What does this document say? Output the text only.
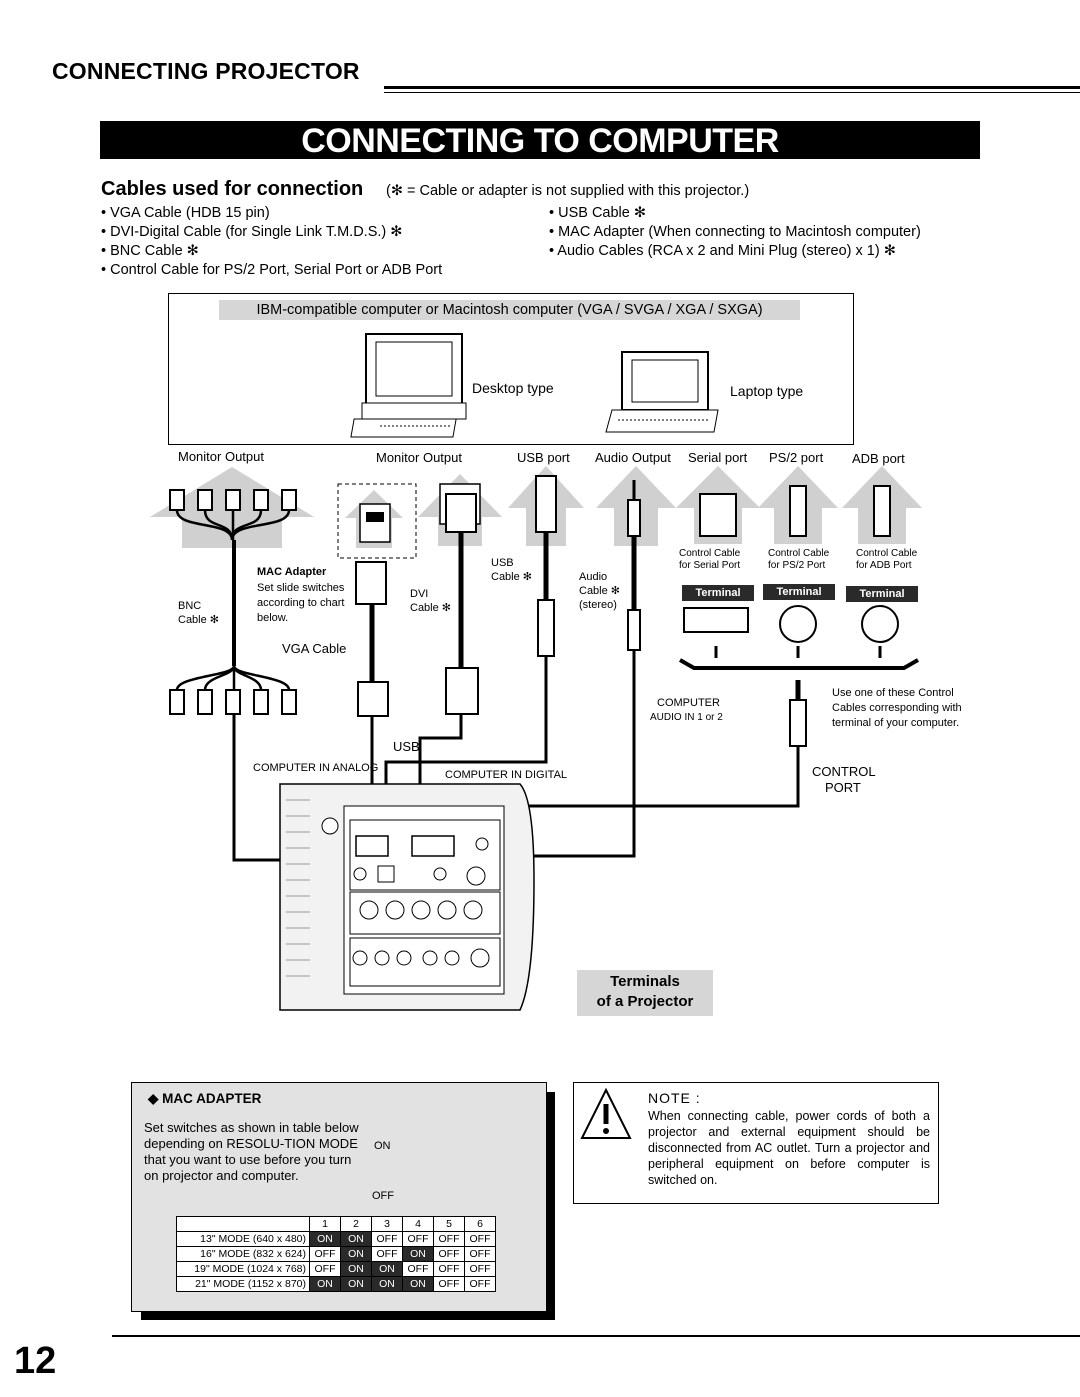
CONNECTING PROJECTOR
CONNECTING TO COMPUTER
Cables used for connection (✻ = Cable or adapter is not supplied with this projector.)
• VGA Cable (HDB 15 pin)
• DVI-Digital Cable (for Single Link T.M.D.S.) ✻
• BNC Cable ✻
• Control Cable for PS/2 Port, Serial Port or ADB Port
• USB Cable ✻
• MAC Adapter (When connecting to Macintosh computer)
• Audio Cables (RCA x 2 and Mini Plug (stereo) x 1) ✻
IBM-compatible computer or Macintosh computer (VGA / SVGA / XGA / SXGA)
Desktop type	Laptop type
Monitor Output	Monitor Output	USB port Audio Output Serial port PS/2 port ADB port
MAC Adapter
Set slide switches
according to chart
below.
BNC
Cable ✻
VGA Cable
DVI
Cable ✻
USB
Cable ✻	Audio
Cable ✻
(stereo)
Control Cable
for Serial Port
Control Cable
for PS/2 Port
Control Cable
for ADB Port
Terminal	Terminal	Terminal
COMPUTER
AUDIO IN 1 or 2
Use one of these Control
Cables corresponding with
terminal of your computer.
CONTROL
PORT
USB
COMPUTER IN ANALOG
COMPUTER IN DIGITAL
Terminals
of a Projector
◆ MAC ADAPTER
Set switches as shown in table below depending on RESOLU-TION MODE that you want to use before you turn on projector and computer.
ON
OFF
	1	2	3	4	5	6
13" MODE (640 x 480)	ON	ON	OFF	OFF	OFF	OFF
16" MODE (832 x 624)	OFF	ON	OFF	ON	OFF	OFF
19" MODE (1024 x 768)	OFF	ON	ON	OFF	OFF	OFF
21" MODE (1152 x 870)	ON	ON	ON	ON	OFF	OFF
NOTE :
When connecting cable, power cords of both a projector and external equipment should be disconnected from AC outlet. Turn a projector and peripheral equipment on before computer is switched on.
12
